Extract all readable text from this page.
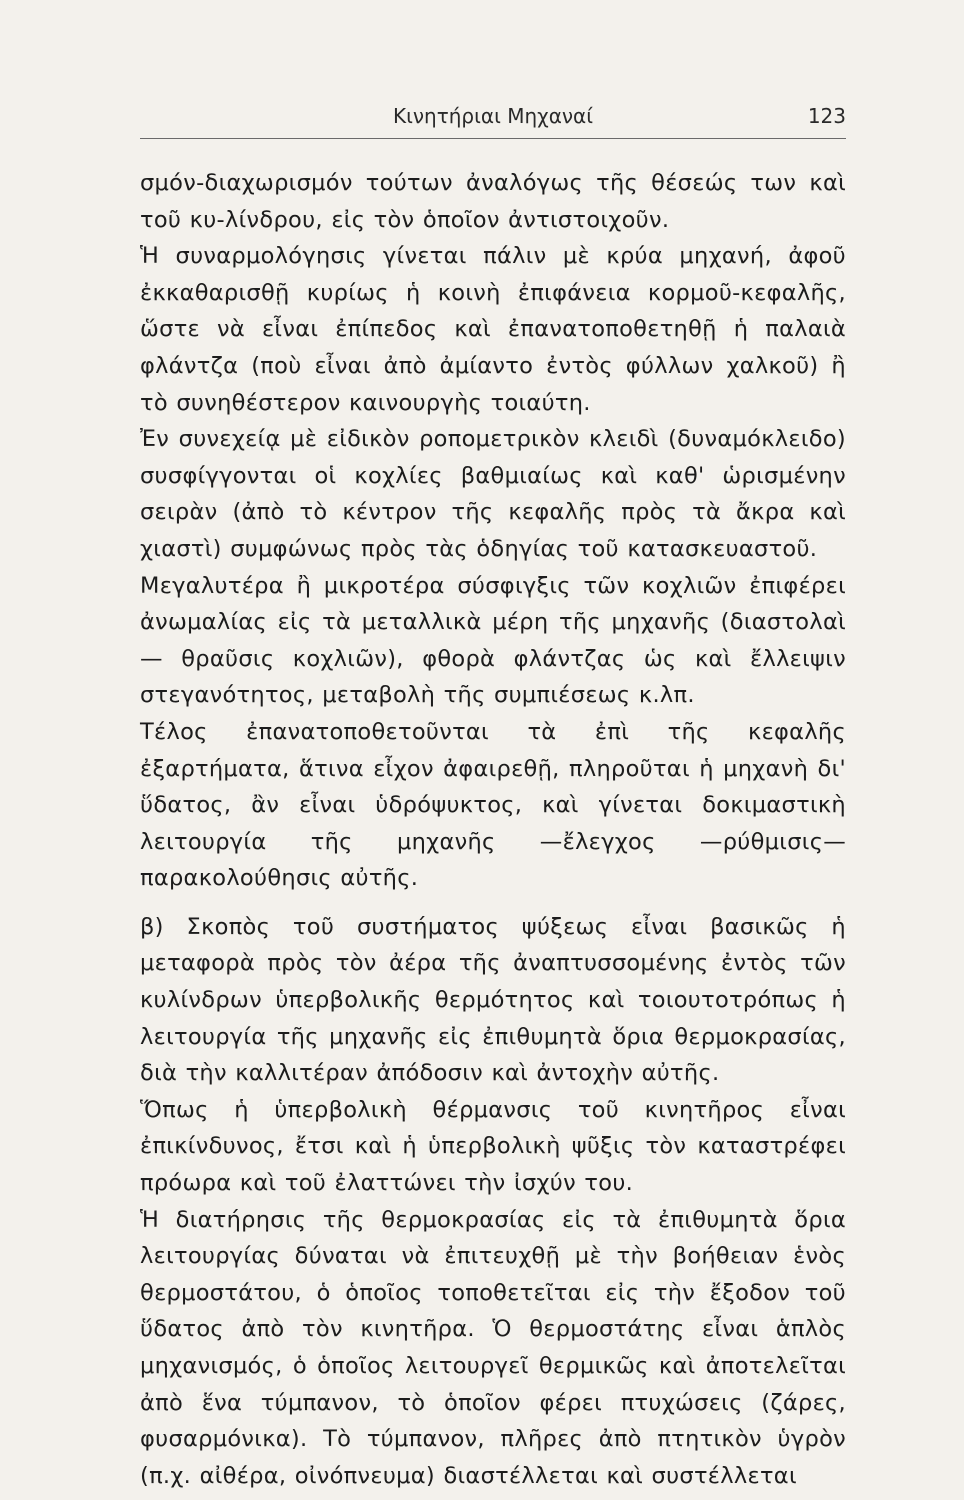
Κινητήριαι Μηχαναί	123

σμόν-διαχωρισμόν τούτων ἀναλόγως τῆς θέσεώς των καὶ τοῦ κυ-λίνδρου, εἰς τὸν ὁποῖον ἀντιστοιχοῦν.

Ἡ συναρμολόγησις γίνεται πάλιν μὲ κρύα μηχανή, ἀφοῦ ἐκκαθαρισθῇ κυρίως ἡ κοινὴ ἐπιφάνεια κορμοῦ-κεφαλῆς, ὥστε νὰ εἶναι ἐπίπεδος καὶ ἐπανατοποθετηθῇ ἡ παλαιὰ φλάντζα (ποὺ εἶναι ἀπὸ ἀμίαντο ἐντὸς φύλλων χαλκοῦ) ἢ τὸ συνηθέστερον καινουργὴς τοιαύτη.

Ἐν συνεχείᾳ μὲ εἰδικὸν ροπομετρικὸν κλειδὶ (δυναμόκλειδο) συσφίγγονται οἱ κοχλίες βαθμιαίως καὶ καθ' ὡρισμένην σειρὰν (ἀπὸ τὸ κέντρον τῆς κεφαλῆς πρὸς τὰ ἄκρα καὶ χιαστὶ) συμφώνως πρὸς τὰς ὁδηγίας τοῦ κατασκευαστοῦ.

Μεγαλυτέρα ἢ μικροτέρα σύσφιγξις τῶν κοχλιῶν ἐπιφέρει ἀνωμαλίας εἰς τὰ μεταλλικὰ μέρη τῆς μηχανῆς (διαστολαὶ — θραῦσις κοχλιῶν), φθορὰ φλάντζας ὡς καὶ ἔλλειψιν στεγανότητος, μεταβολὴ τῆς συμπιέσεως κ.λπ.

Τέλος ἐπανατοποθετοῦνται τὰ ἐπὶ τῆς κεφαλῆς ἐξαρτήματα, ἅτινα εἶχον ἀφαιρεθῇ, πληροῦται ἡ μηχανὴ δι' ὕδατος, ἂν εἶναι ὑδρόψυκτος, καὶ γίνεται δοκιμαστικὴ λειτουργία τῆς μηχανῆς —ἔλεγχος —ρύθμισις—παρακολούθησις αὐτῆς.

β) Σκοπὸς τοῦ συστήματος ψύξεως εἶναι βασικῶς ἡ μεταφορὰ πρὸς τὸν ἀέρα τῆς ἀναπτυσσομένης ἐντὸς τῶν κυλίνδρων ὑπερβολικῆς θερμότητος καὶ τοιουτοτρόπως ἡ λειτουργία τῆς μηχανῆς εἰς ἐπιθυμητὰ ὅρια θερμοκρασίας, διὰ τὴν καλλιτέραν ἀπόδοσιν καὶ ἀντοχὴν αὐτῆς.

Ὅπως ἡ ὑπερβολικὴ θέρμανσις τοῦ κινητῆρος εἶναι ἐπικίνδυνος, ἔτσι καὶ ἡ ὑπερβολικὴ ψῦξις τὸν καταστρέφει πρόωρα καὶ τοῦ ἐλαττώνει τὴν ἰσχύν του.

Ἡ διατήρησις τῆς θερμοκρασίας εἰς τὰ ἐπιθυμητὰ ὅρια λειτουργίας δύναται νὰ ἐπιτευχθῇ μὲ τὴν βοήθειαν ἑνὸς θερμοστάτου, ὁ ὁποῖος τοποθετεῖται εἰς τὴν ἔξοδον τοῦ ὕδατος ἀπὸ τὸν κινητῆρα. Ὁ θερμοστάτης εἶναι ἁπλὸς μηχανισμός, ὁ ὁποῖος λειτουργεῖ θερμικῶς καὶ ἀποτελεῖται ἀπὸ ἕνα τύμπανον, τὸ ὁποῖον φέρει πτυχώσεις (ζάρες, φυσαρμόνικα). Τὸ τύμπανον, πλῆρες ἀπὸ πτητικὸν ὑγρὸν (π.χ. αἰθέρα, οἰνόπνευμα) διαστέλλεται καὶ συστέλλεται
